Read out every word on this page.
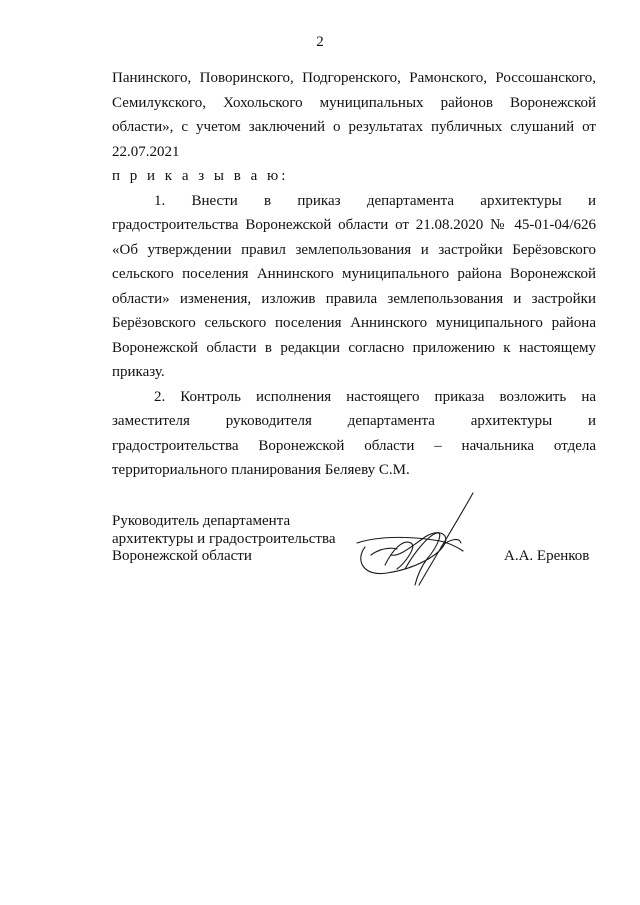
2
Панинского, Поворинского, Подгоренского, Рамонского, Россошанского,
Семилукского, Хохольского муниципальных районов Воронежской
области», с учетом заключений о результатах публичных слушаний от
22.07.2021
п р и к а з ы в а ю:
1. Внести в приказ департамента архитектуры и
градостроительства Воронежской области от 21.08.2020 № 45-01-04/626
«Об утверждении правил землепользования и застройки Берёзовского
сельского поселения Аннинского муниципального района Воронежской
области» изменения, изложив правила землепользования и застройки
Берёзовского сельского поселения Аннинского муниципального района
Воронежской области в редакции согласно приложению к настоящему
приказу.
2. Контроль исполнения настоящего приказа возложить на
заместителя руководителя департамента архитектуры и
градостроительства Воронежской области – начальника отдела
территориального планирования Беляеву С.М.
Руководитель департамента
архитектуры и градостроительства
Воронежской области	А.А. Еренков
